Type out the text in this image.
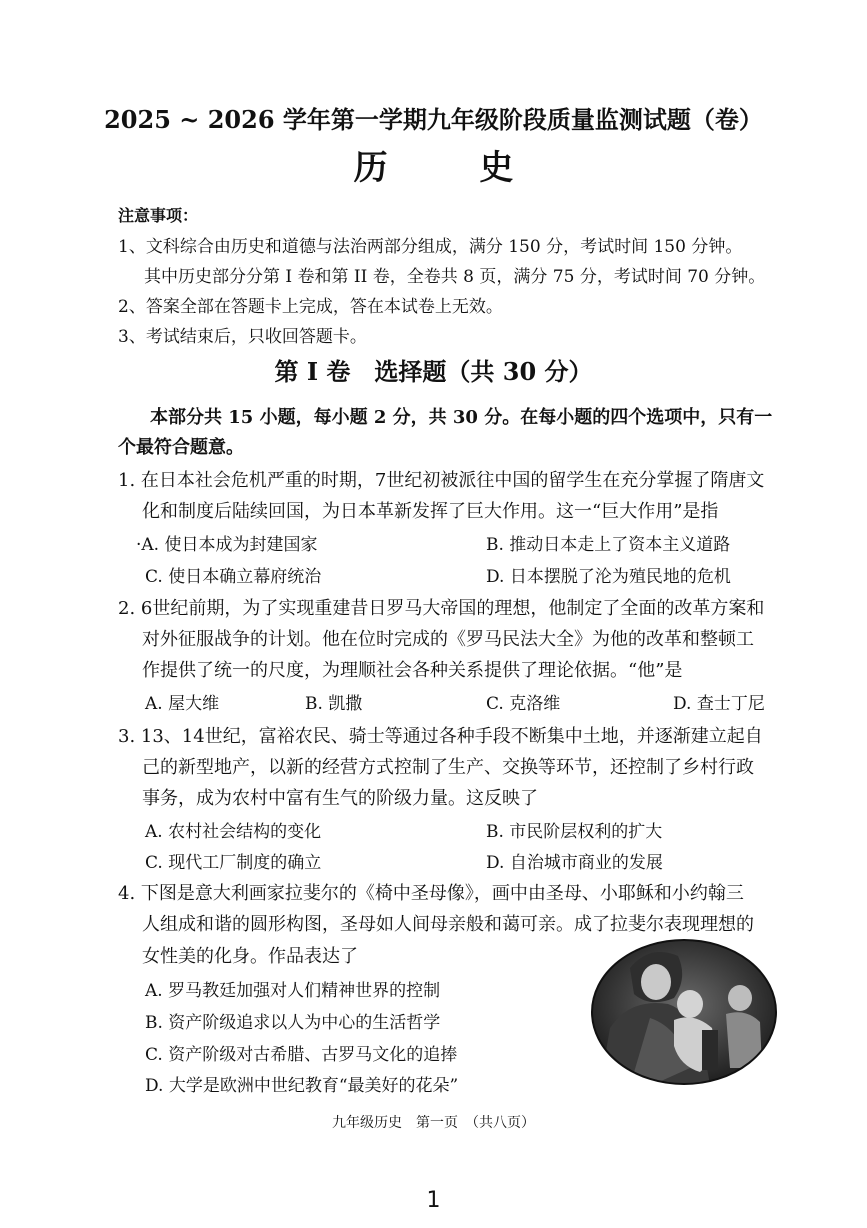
2025 ~ 2026 学年第一学期九年级阶段质量监测试题（卷）
历 史
注意事项：
1、文科综合由历史和道德与法治两部分组成，满分 150 分，考试时间 150 分钟。
其中历史部分分第 I 卷和第 II 卷，全卷共 8 页，满分 75 分，考试时间 70 分钟。
2、答案全部在答题卡上完成，答在本试卷上无效。
3、考试结束后，只收回答题卡。
第 I 卷　选择题（共 30 分）
本部分共 15 小题，每小题 2 分，共 30 分。在每小题的四个选项中，只有一
个最符合题意。
1. 在日本社会危机严重的时期，7世纪初被派往中国的留学生在充分掌握了隋唐文
化和制度后陆续回国，为日本革新发挥了巨大作用。这一“巨大作用”是指
·A. 使日本成为封建国家	B. 推动日本走上了资本主义道路
C. 使日本确立幕府统治	D. 日本摆脱了沦为殖民地的危机
2. 6世纪前期，为了实现重建昔日罗马大帝国的理想，他制定了全面的改革方案和
对外征服战争的计划。他在位时完成的《罗马民法大全》为他的改革和整顿工
作提供了统一的尺度，为理顺社会各种关系提供了理论依据。“他”是
A. 屋大维	B. 凯撒	C. 克洛维	D. 查士丁尼
3. 13、14世纪，富裕农民、骑士等通过各种手段不断集中土地，并逐渐建立起自
己的新型地产，以新的经营方式控制了生产、交换等环节，还控制了乡村行政
事务，成为农村中富有生气的阶级力量。这反映了
A. 农村社会结构的变化	B. 市民阶层权利的扩大
C. 现代工厂制度的确立	D. 自治城市商业的发展
4. 下图是意大利画家拉斐尔的《椅中圣母像》，画中由圣母、小耶稣和小约翰三
人组成和谐的圆形构图，圣母如人间母亲般和蔼可亲。成了拉斐尔表现理想的
女性美的化身。作品表达了
A. 罗马教廷加强对人们精神世界的控制
B. 资产阶级追求以人为中心的生活哲学
C. 资产阶级对古希腊、古罗马文化的追捧
D. 大学是欧洲中世纪教育“最美好的花朵”
九年级历史　第一页　（共八页）
1
